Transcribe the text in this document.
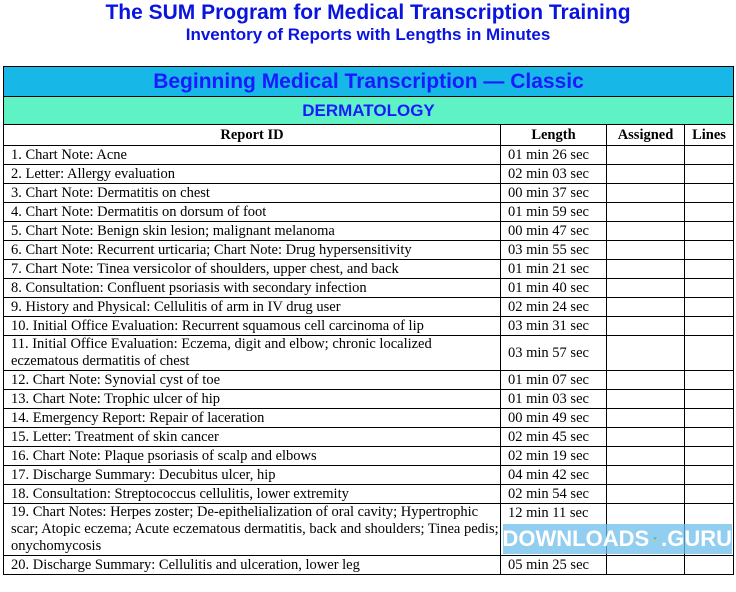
The SUM Program for Medical Transcription Training
Inventory of Reports with Lengths in Minutes
Beginning Medical Transcription — Classic			
DERMATOLOGY			
Report ID	Length	Assigned	Lines
1. Chart Note: Acne	01 min 26 sec		
2. Letter: Allergy evaluation	02 min 03 sec		
3. Chart Note: Dermatitis on chest	00 min 37 sec		
4. Chart Note: Dermatitis on dorsum of foot	01 min 59 sec		
5. Chart Note: Benign skin lesion; malignant melanoma	00 min 47 sec		
6. Chart Note: Recurrent urticaria; Chart Note: Drug hypersensitivity	03 min 55 sec		
7. Chart Note: Tinea versicolor of shoulders, upper chest, and back	01 min 21 sec		
8. Consultation: Confluent psoriasis with secondary infection	01 min 40 sec		
9. History and Physical: Cellulitis of arm in IV drug user	02 min 24 sec		
10. Initial Office Evaluation: Recurrent squamous cell carcinoma of lip	03 min 31 sec		
11. Initial Office Evaluation: Eczema, digit and elbow; chronic localized eczematous dermatitis of chest	03 min 57 sec		
12. Chart Note: Synovial cyst of toe	01 min 07 sec		
13. Chart Note: Trophic ulcer of hip	01 min 03 sec		
14. Emergency Report: Repair of laceration	00 min 49 sec		
15. Letter: Treatment of skin cancer	02 min 45 sec		
16. Chart Note: Plaque psoriasis of scalp and elbows	02 min 19 sec		
17. Discharge Summary: Decubitus ulcer, hip	04 min 42 sec		
18. Consultation: Streptococcus cellulitis, lower extremity	02 min 54 sec		
19. Chart Notes: Herpes zoster; De-epithelialization of oral cavity; Hypertrophic scar; Atopic eczema; Acute eczematous dermatitis, back and shoulders; Tinea pedis; onychomycosis	12 min 11 sec		
20. Discharge Summary: Cellulitis and ulceration, lower leg	05 min 25 sec		
DOWNLOADS .GURU
